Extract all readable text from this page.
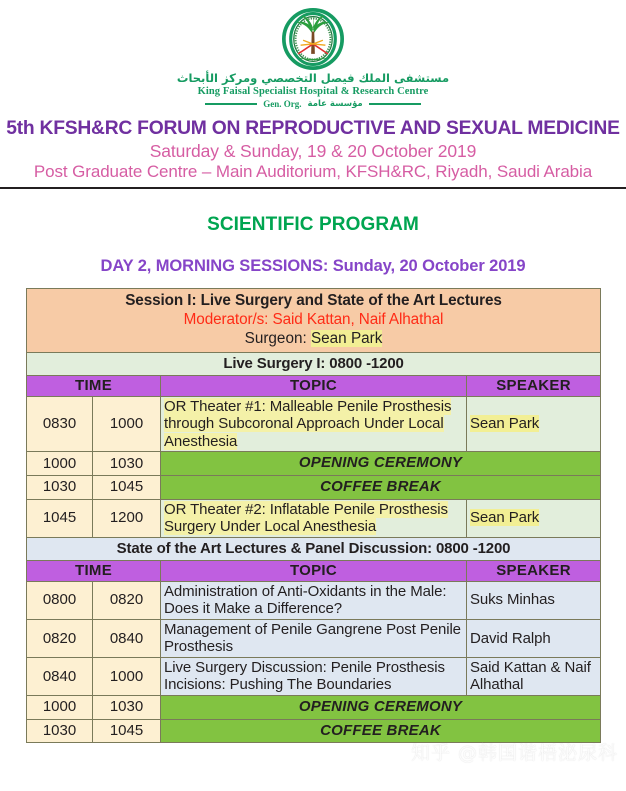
مستشفى الملك فيصل التخصصي ومركز الأبحاث
King Faisal Specialist Hospital & Research Centre
Gen. Org. مؤسسة عامة
5th KFSH&RC FORUM ON REPRODUCTIVE AND SEXUAL MEDICINE
Saturday & Sunday, 19 & 20 October 2019
Post Graduate Centre – Main Auditorium, KFSH&RC, Riyadh, Saudi Arabia
SCIENTIFIC PROGRAM
DAY 2, MORNING SESSIONS: Sunday, 20 October 2019
Session I: Live Surgery and State of the Art Lectures
Moderator/s: Said Kattan, Naif Alhathal
Surgeon: Sean Park			

Live Surgery I: 0800 -1200			
TIME		TOPIC	SPEAKER
0830	1000	OR Theater #1: Malleable Penile Prosthesis through Subcoronal Approach Under Local Anesthesia	Sean Park
1000	1030	OPENING CEREMONY	
1030	1045	COFFEE BREAK	
1045	1200	OR Theater #2: Inflatable Penile Prosthesis Surgery Under Local Anesthesia	Sean Park
State of the Art Lectures & Panel Discussion: 0800 -1200			
TIME		TOPIC	SPEAKER
0800	0820	Administration of Anti-Oxidants in the Male: Does it Make a Difference?	Suks Minhas
0820	0840	Management of Penile Gangrene Post Penile Prosthesis	David Ralph
0840	1000	Live Surgery Discussion: Penile Prosthesis Incisions: Pushing The Boundaries	Said Kattan & Naif Alhathal
1000	1030	OPENING CEREMONY	
1030	1045	COFFEE BREAK	
知乎 @韩国谐梧泌尿科
